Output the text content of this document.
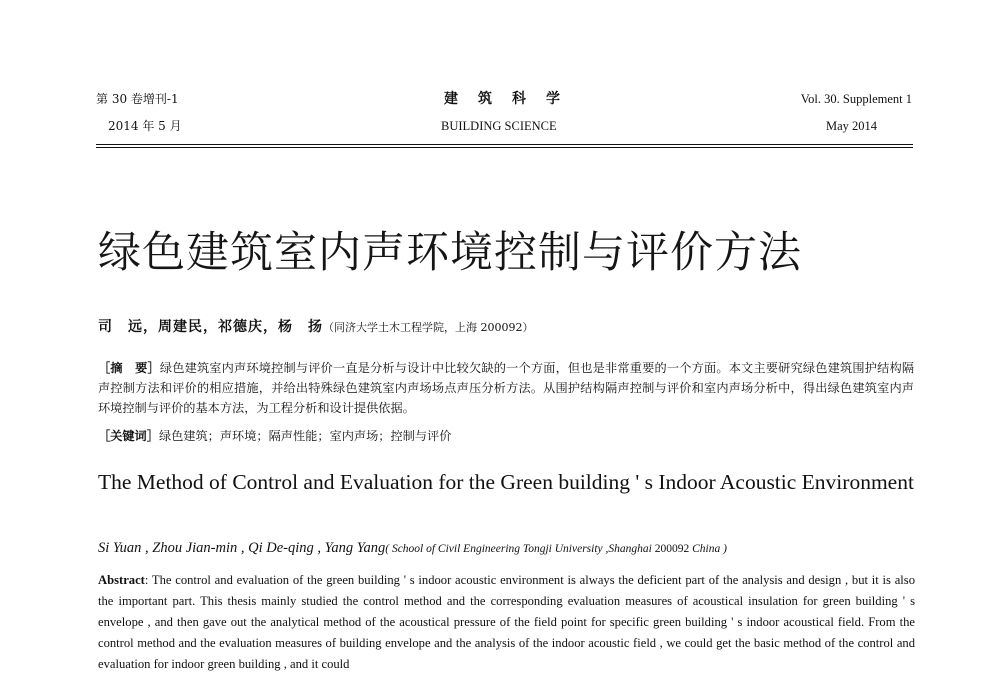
第 30 卷增刊-1
2014 年 5 月
建筑科学
BUILDING SCIENCE
Vol. 30. Supplement 1
May 2014
绿色建筑室内声环境控制与评价方法
司　远，周建民，祁德庆，杨　扬（同济大学土木工程学院，上海 200092）
［摘　要］绿色建筑室内声环境控制与评价一直是分析与设计中比较欠缺的一个方面，但也是非常重要的一个方面。本文主要研究绿色建筑围护结构隔声控制方法和评价的相应措施，并给出特殊绿色建筑室内声场场点声压分析方法。从围护结构隔声控制与评价和室内声场分析中，得出绿色建筑室内声环境控制与评价的基本方法，为工程分析和设计提供依据。
［关键词］绿色建筑；声环境；隔声性能；室内声场；控制与评价
The Method of Control and Evaluation for the Green building ' s Indoor Acoustic Environment
Si Yuan , Zhou Jian-min , Qi De-qing , Yang Yang( School of Civil Engineering Tongji University ,Shanghai 200092 China )
Abstract: The control and evaluation of the green building ' s indoor acoustic environment is always the deficient part of the analysis and design , but it is also the important part. This thesis mainly studied the control method and the corresponding evaluation measures of acoustical insulation for green building ' s envelope , and then gave out the analytical method of the acoustical pressure of the field point for specific green building ' s indoor acoustical field. From the control method and the evaluation measures of building envelope and the analysis of the indoor acoustic field , we could get the basic method of the control and evaluation for indoor green building , and it could
